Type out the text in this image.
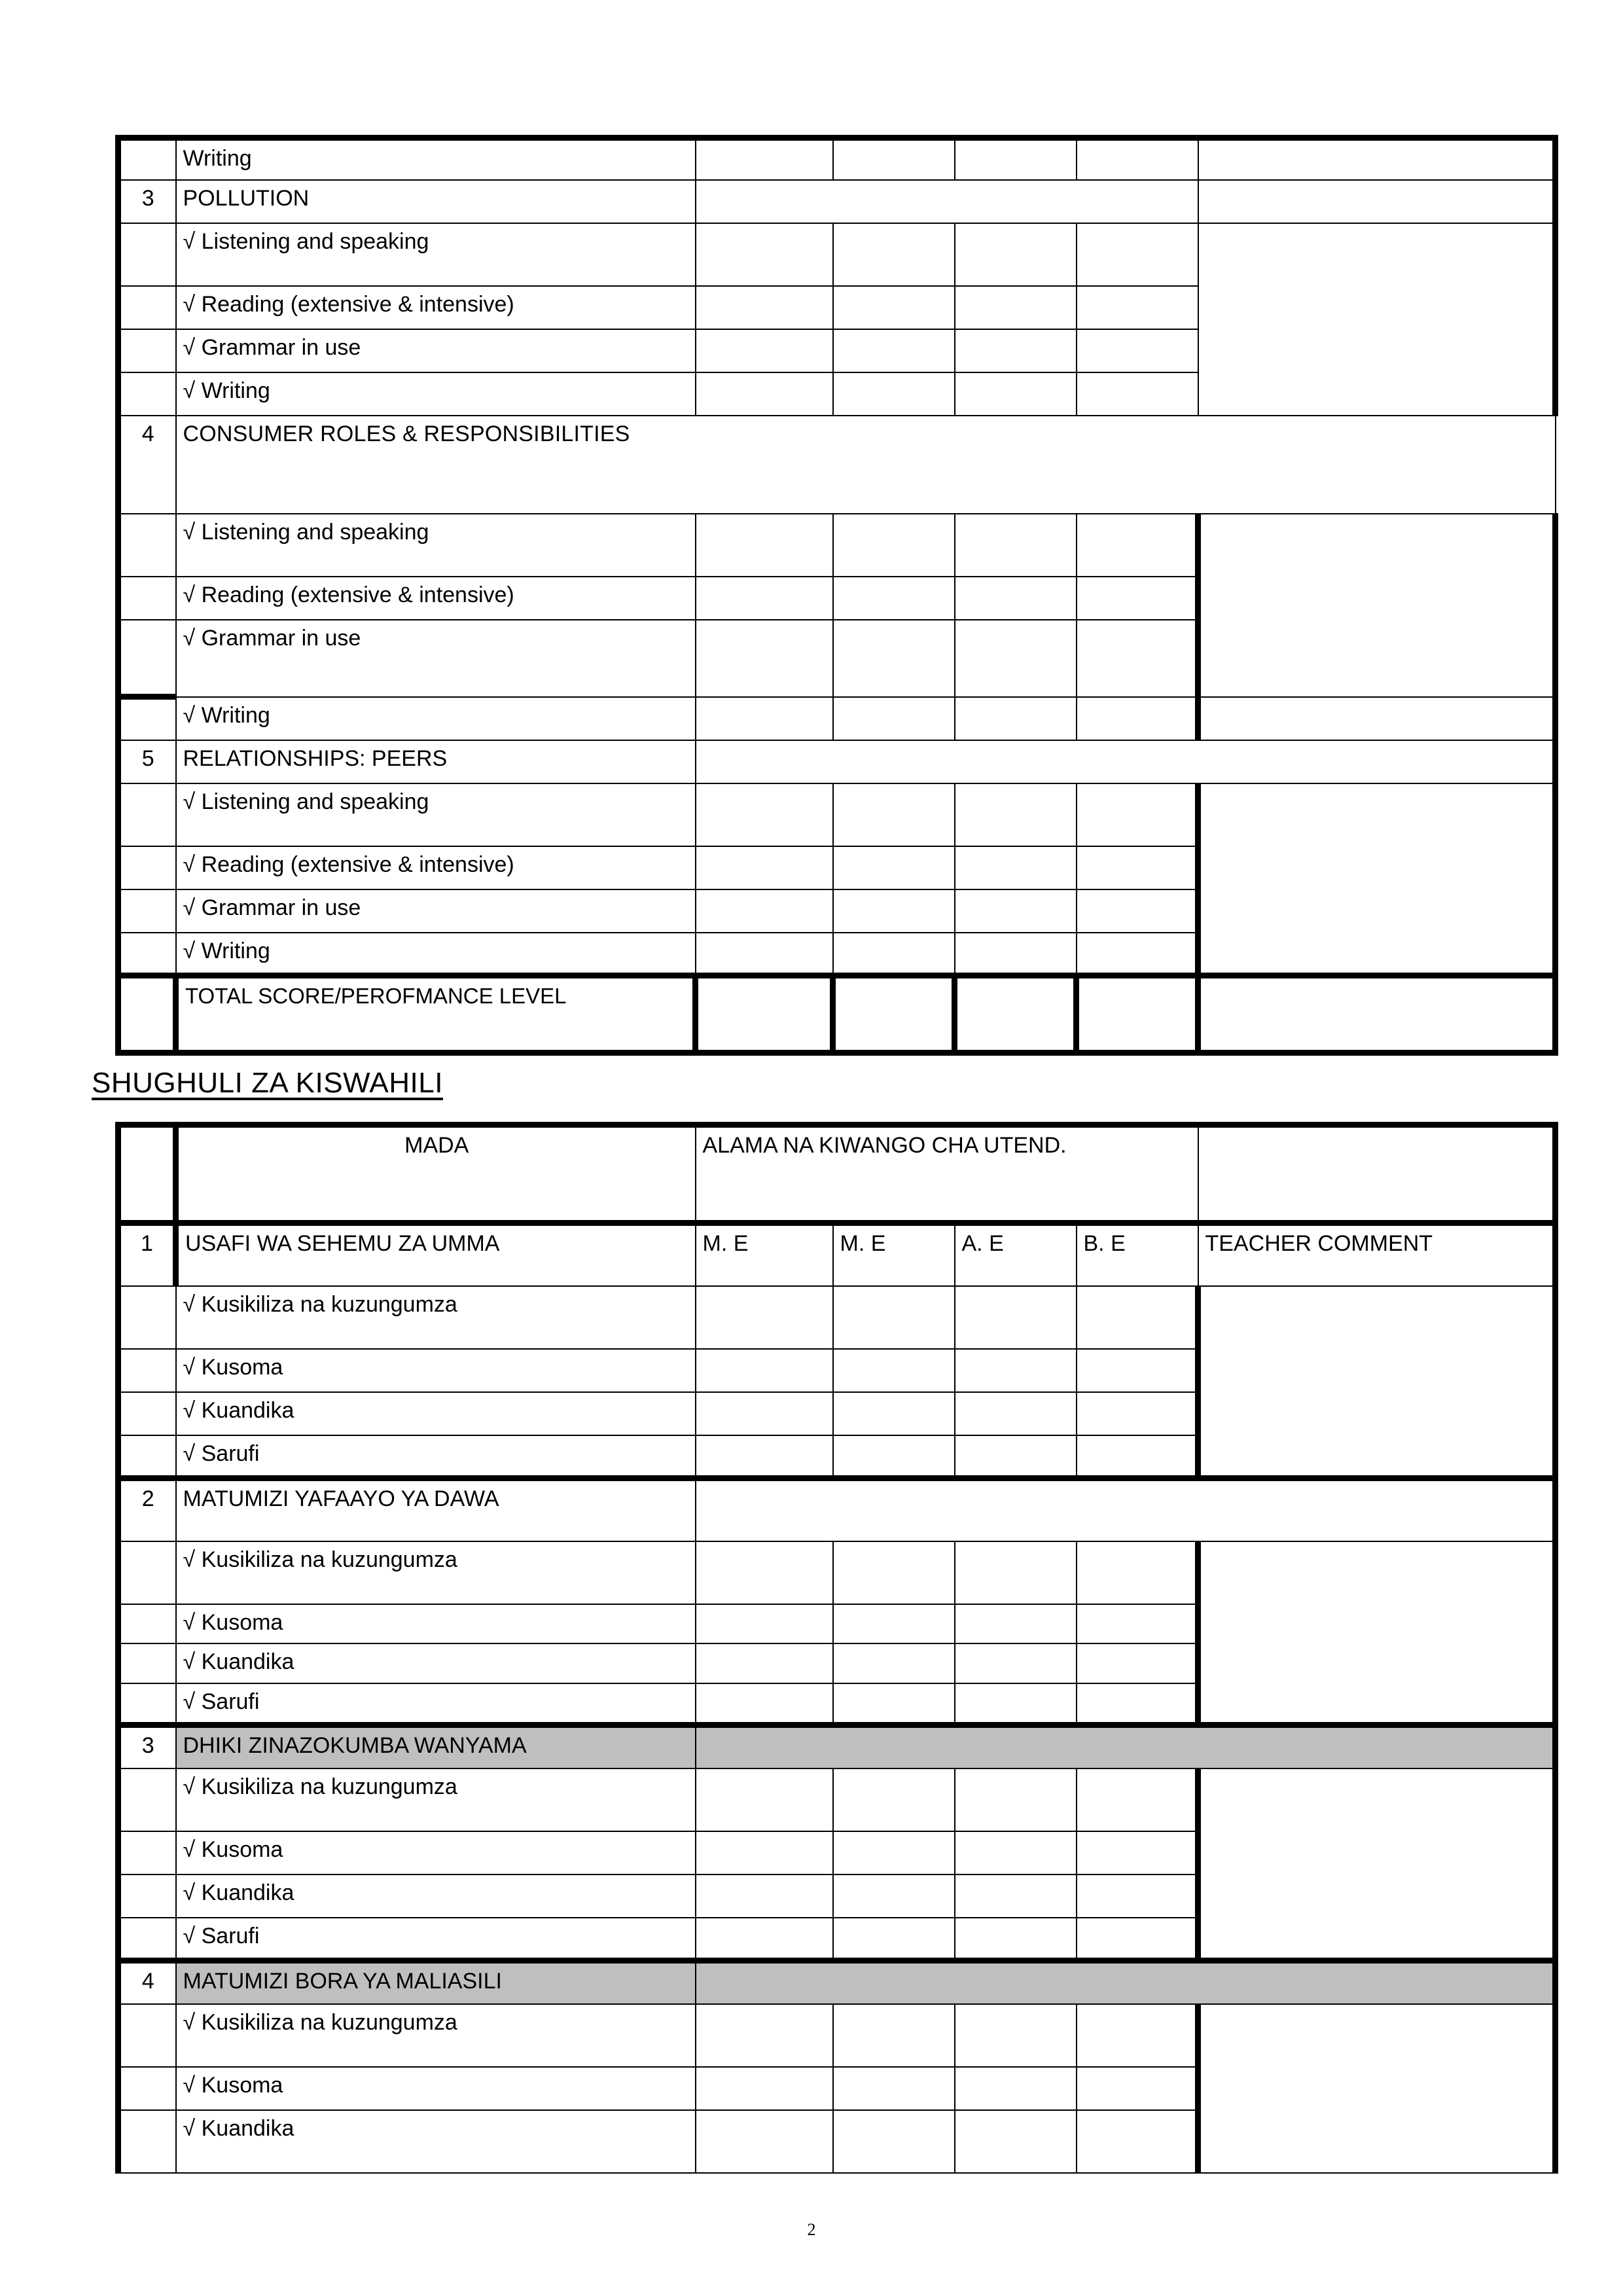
	Writing					
3	POLLUTION					
	√ Listening and speaking					
	√ Reading (extensive & intensive)					
	√ Grammar in use					
	√ Writing					
4	CONSUMER ROLES & RESPONSIBILITIES					
	√ Listening and speaking					
	√ Reading (extensive & intensive)					
	√ Grammar in use					
	√ Writing					
5	RELATIONSHIPS: PEERS					
	√ Listening and speaking					
	√ Reading (extensive & intensive)					
	√ Grammar in use					
	√ Writing					
	TOTAL SCORE/PEROFMANCE LEVEL					
SHUGHULI ZA KISWAHILI
	MADA	ALAMA NA KIWANGO CHA UTEND.				
1	USAFI WA SEHEMU ZA UMMA	M. E	M. E	A. E	B. E	TEACHER COMMENT
	√ Kusikiliza na kuzungumza					
	√ Kusoma					
	√ Kuandika					
	√ Sarufi					
2	MATUMIZI YAFAAYO YA DAWA					
	√ Kusikiliza na kuzungumza					
	√ Kusoma					
	√ Kuandika					
	√ Sarufi					
3	DHIKI ZINAZOKUMBA WANYAMA					
	√ Kusikiliza na kuzungumza					
	√ Kusoma					
	√ Kuandika					
	√ Sarufi					
4	MATUMIZI BORA YA MALIASILI					
	√ Kusikiliza na kuzungumza					
	√ Kusoma					
	√ Kuandika					
2
